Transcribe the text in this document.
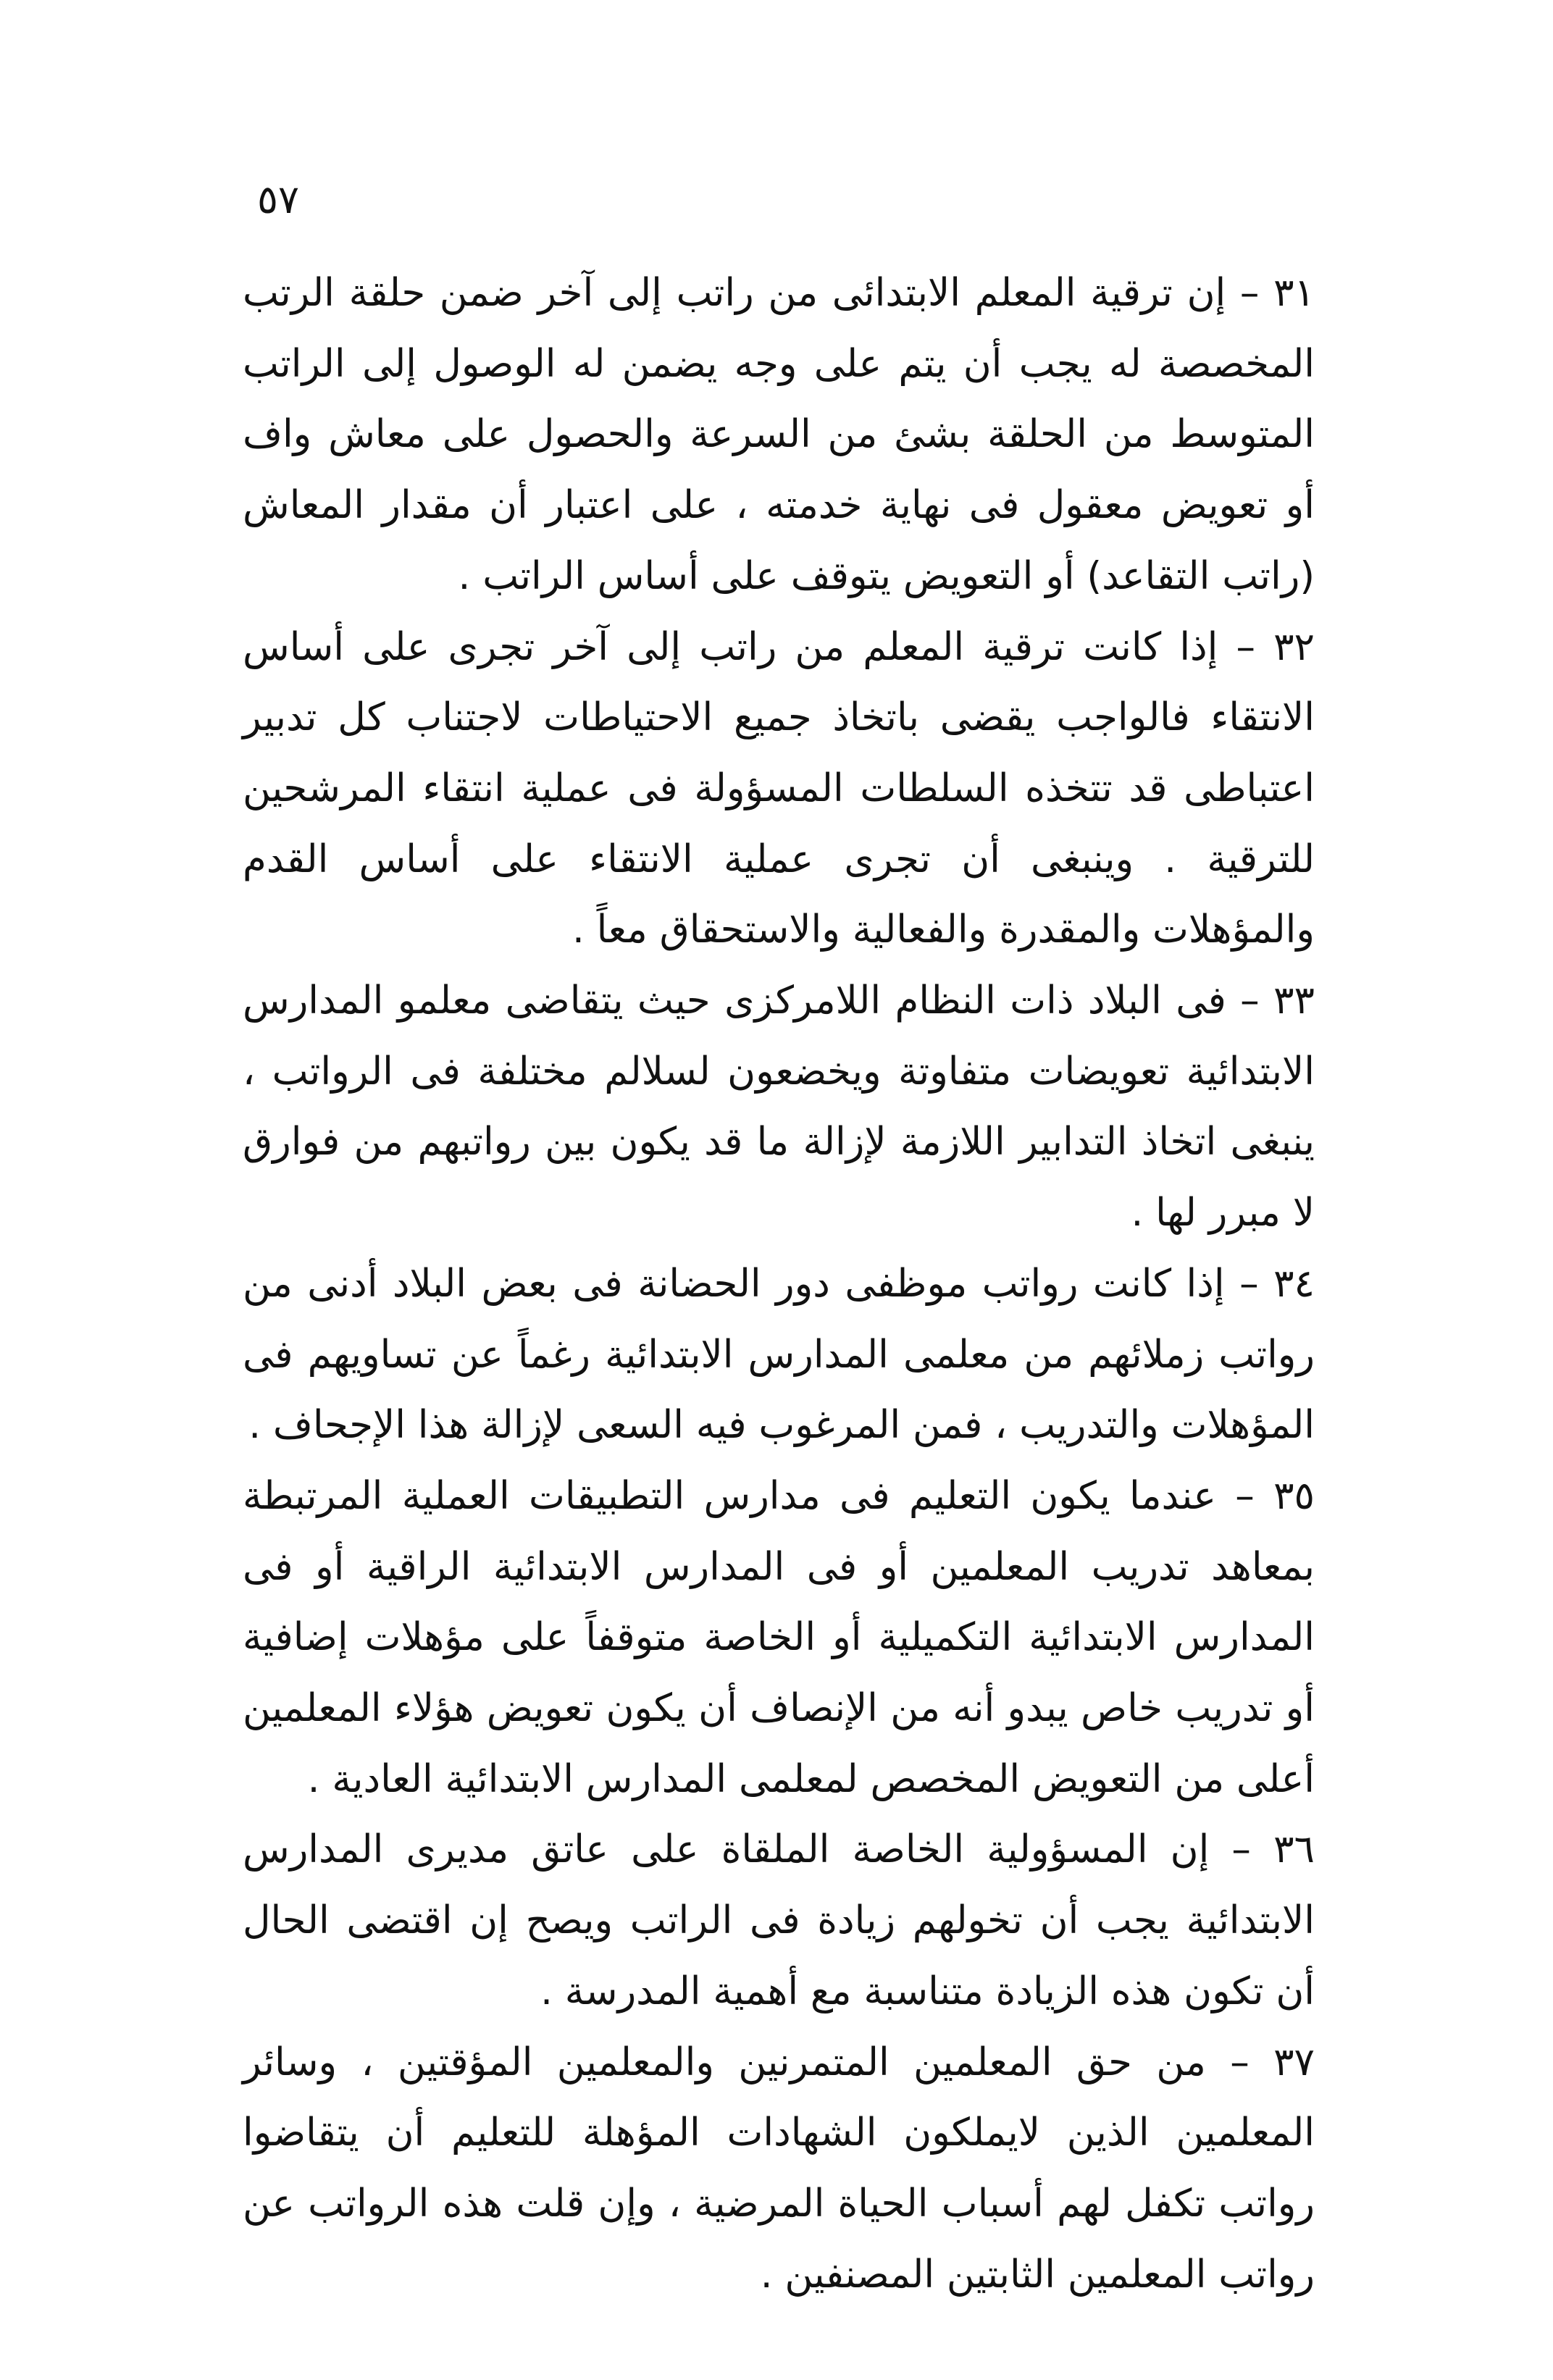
٥٧

٣١ – إن ترقية المعلم الابتدائى من راتب إلى آخر ضمن حلقة الرتب المخصصة له يجب أن يتم على وجه يضمن له الوصول إلى الراتب المتوسط من الحلقة بشئ من السرعة والحصول على معاش واف أو تعويض معقول فى نهاية خدمته ، على اعتبار أن مقدار المعاش (راتب التقاعد) أو التعويض يتوقف على أساس الراتب .

٣٢ – إذا كانت ترقية المعلم من راتب إلى آخر تجرى على أساس الانتقاء فالواجب يقضى باتخاذ جميع الاحتياطات لاجتناب كل تدبير اعتباطى قد تتخذه السلطات المسؤولة فى عملية انتقاء المرشحين للترقية . وينبغى أن تجرى عملية الانتقاء على أساس القدم والمؤهلات والمقدرة والفعالية والاستحقاق معاً .

٣٣ – فى البلاد ذات النظام اللامركزى حيث يتقاضى معلمو المدارس الابتدائية تعويضات متفاوتة ويخضعون لسلالم مختلفة فى الرواتب ، ينبغى اتخاذ التدابير اللازمة لإزالة ما قد يكون بين رواتبهم من فوارق لا مبرر لها .

٣٤ – إذا كانت رواتب موظفى دور الحضانة فى بعض البلاد أدنى من رواتب زملائهم من معلمى المدارس الابتدائية رغماً عن تساويهم فى المؤهلات والتدريب ، فمن المرغوب فيه السعى لإزالة هذا الإجحاف .

٣٥ – عندما يكون التعليم فى مدارس التطبيقات العملية المرتبطة بمعاهد تدريب المعلمين أو فى المدارس الابتدائية الراقية أو فى المدارس الابتدائية التكميلية أو الخاصة متوقفاً على مؤهلات إضافية أو تدريب خاص يبدو أنه من الإنصاف أن يكون تعويض هؤلاء المعلمين أعلى من التعويض المخصص لمعلمى المدارس الابتدائية العادية .

٣٦ – إن المسؤولية الخاصة الملقاة على عاتق مديرى المدارس الابتدائية يجب أن تخولهم زيادة فى الراتب ويصح إن اقتضى الحال أن تكون هذه الزيادة متناسبة مع أهمية المدرسة .

٣٧ – من حق المعلمين المتمرنين والمعلمين المؤقتين ، وسائر المعلمين الذين لايملكون الشهادات المؤهلة للتعليم أن يتقاضوا رواتب تكفل لهم أسباب الحياة المرضية ، وإن قلت هذه الرواتب عن رواتب المعلمين الثابتين المصنفين .
